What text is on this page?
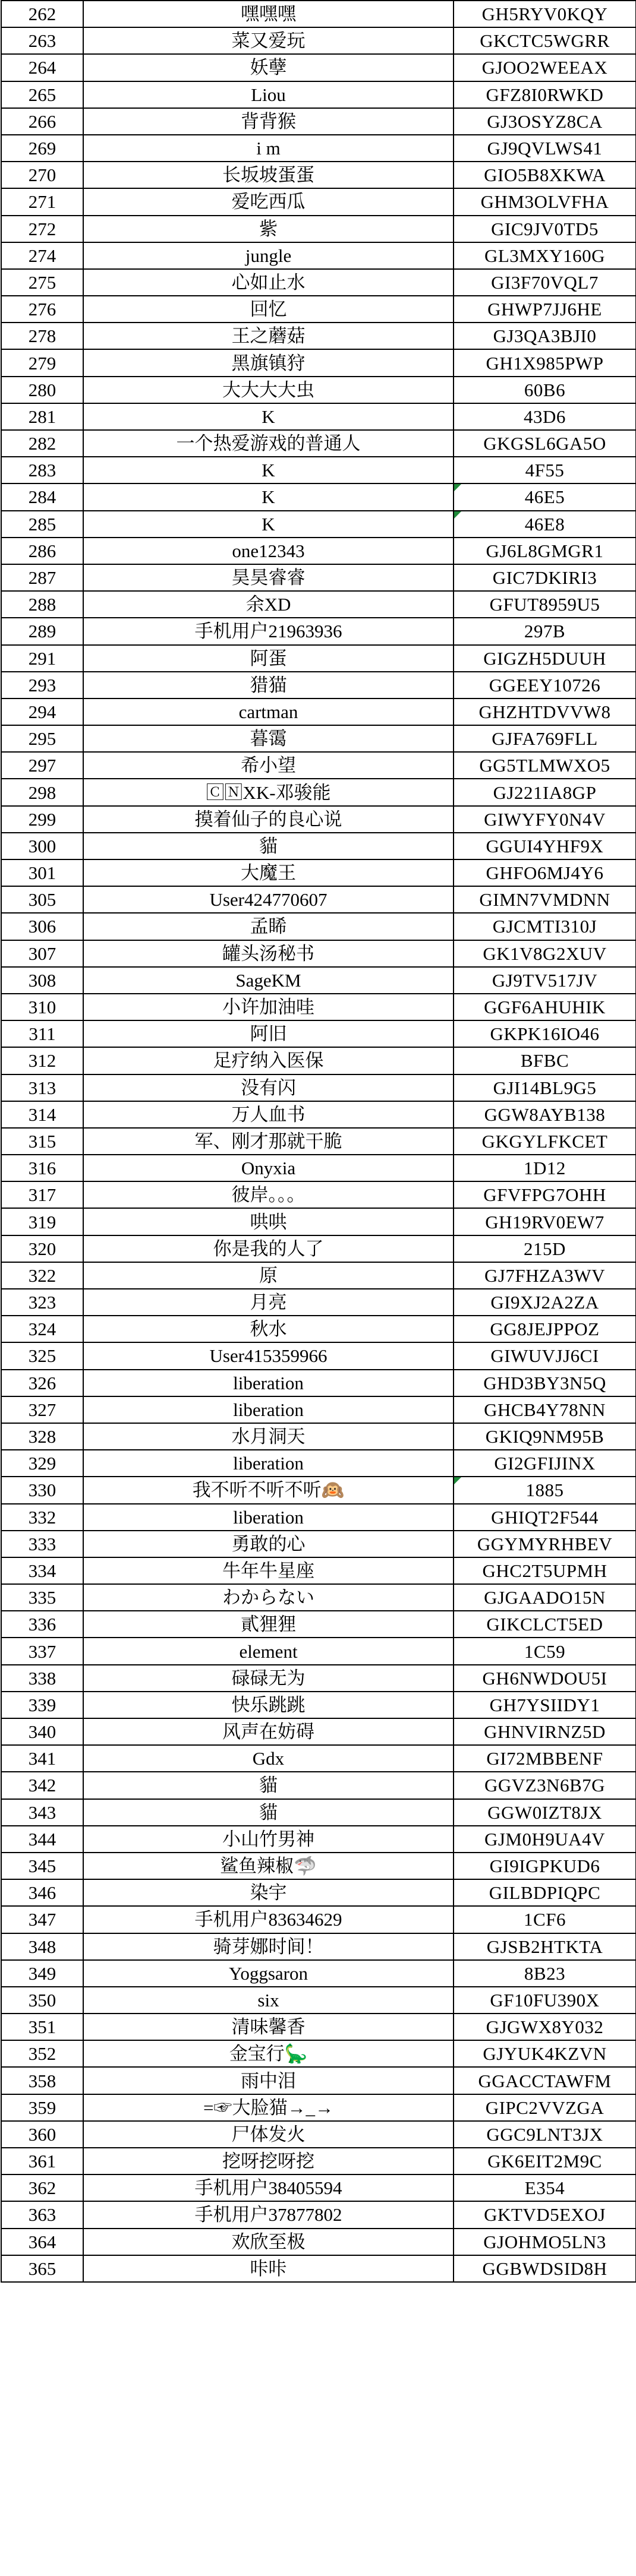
262	嘿嘿嘿	GH5RYV0KQY
263	菜又爱玩	GKCTC5WGRR
264	妖孽	GJOO2WEEAX
265	Liou	GFZ8I0RWKD
266	背背猴	GJ3OSYZ8CA
269	i m	GJ9QVLWS41
270	长坂坡蛋蛋	GIO5B8XKWA
271	爱吃西瓜	GHM3OLVFHA
272	紫	GIC9JV0TD5
274	jungle	GL3MXY160G
275	心如止水	GI3F70VQL7
276	回忆	GHWP7JJ6HE
278	王之蘑菇	GJ3QA3BJI0
279	黑旗镇狩	GH1X985PWP
280	大大大大虫	60B6
281	K	43D6
282	一个热爱游戏的普通人	GKGSL6GA5O
283	K	4F55
284	K	46E5
285	K	46E8
286	one12343	GJ6L8GMGR1
287	昊昊睿睿	GIC7DKIRI3
288	余XD	GFUT8959U5
289	手机用户21963936	297B
291	阿蛋	GIGZH5DUUH
293	猎猫	GGEEY10726
294	cartman	GHZHTDVVW8
295	暮霭	GJFA769FLL
297	希小望	GG5TLMWXO5
298	🄲🄽XK-邓骏能	GJ221IA8GP
299	摸着仙子的良心说	GIWYFY0N4V
300	貓	GGUI4YHF9X
301	大魔王	GHFO6MJ4Y6
305	User424770607	GIMN7VMDNN
306	孟睎	GJCMTI310J
307	罐头汤秘书	GK1V8G2XUV
308	SageKM	GJ9TV517JV
310	小许加油哇	GGF6AHUHIK
311	阿旧	GKPK16IO46
312	足疗纳入医保	BFBC
313	没有闪	GJI14BL9G5
314	万人血书	GGW8AYB138
315	军、刚才那就干脆	GKGYLFKCET
316	Onyxia	1D12
317	彼岸。。。	GFVFPG7OHH
319	哄哄	GH19RV0EW7
320	你是我的人了	215D
322	原	GJ7FHZA3WV
323	月亮	GI9XJ2A2ZA
324	秋水	GG8JEJPPOZ
325	User415359966	GIWUVJJ6CI
326	liberation	GHD3BY3N5Q
327	liberation	GHCB4Y78NN
328	水月洞天	GKIQ9NM95B
329	liberation	GI2GFIJINX
330	我不听不听不听🙉	1885
332	liberation	GHIQT2F544
333	勇敢的心	GGYMYRHBEV
334	牛年牛星座	GHC2T5UPMH
335	わからない	GJGAADO15N
336	貳狸狸	GIKCLCT5ED
337	element	1C59
338	碌碌无为	GH6NWDOU5I
339	快乐跳跳	GH7YSIIDY1
340	风声在妨碍	GHNVIRNZ5D
341	Gdx	GI72MBBENF
342	貓	GGVZ3N6B7G
343	貓	GGW0IZT8JX
344	小山竹男神	GJM0H9UA4V
345	鲨鱼辣椒🦈	GI9IGPKUD6
346	染宇	GILBDPIQPC
347	手机用户83634629	1CF6
348	骑芽娜时间！	GJSB2HTKTA
349	Yoggsaron	8B23
350	six	GF10FU390X
351	清味馨香	GJGWX8Y032
352	金宝行🦕	GJYUK4KZVN
358	雨中泪	GGACCTAWFM
359	=☞大脸猫→_→	GIPC2VVZGA
360	尸体发火	GGC9LNT3JX
361	挖呀挖呀挖	GK6EIT2M9C
362	手机用户38405594	E354
363	手机用户37877802	GKTVD5EXOJ
364	欢欣至极	GJOHMO5LN3
365	咔咔	GGBWDSID8H
